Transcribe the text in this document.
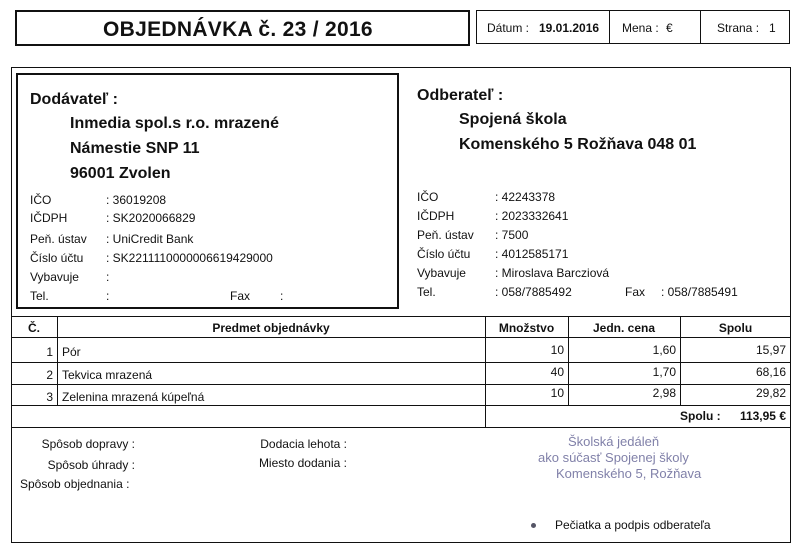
OBJEDNÁVKA č. 23 / 2016	Dátum : 19.01.2016 Mena : €	Strana : 1
Dodávateľ :
Inmedia spol.s r.o. mrazené
Námestie SNP 11
96001 Zvolen
IČO	: 36019208
IČDPH	: SK2020066829
Peň. ústav : UniCredit Bank
Číslo účtu : SK2211110000006619429000
Vybavuje :
Tel.	:	Fax :
Odberateľ :
Spojená škola
Komenského 5 Rožňava 048 01
IČO	: 42243378
IČDPH	: 2023332641
Peň. ústav : 7500
Číslo účtu : 4012585171
Vybavuje : Miroslava Barcziová
Tel.	: 058/7885492	Fax : 058/7885491
Č.	Predmet objednávky	Množstvo	Jedn. cena	Spolu
1 Pór	10	1,60	15,97
2 Tekvica mrazená	40	1,70	68,16
3 Zelenina mrazená kúpeľná	10	2,98	29,82
Spolu :	113,95 €
Spôsob dopravy :
Spôsob úhrady :
Spôsob objednania :
Dodacia lehota :
Miesto dodania :
Školská jedáleň
ako súčasť Spojenej školy
Komenského 5, Rožňava
Pečiatka a podpis odberateľa
